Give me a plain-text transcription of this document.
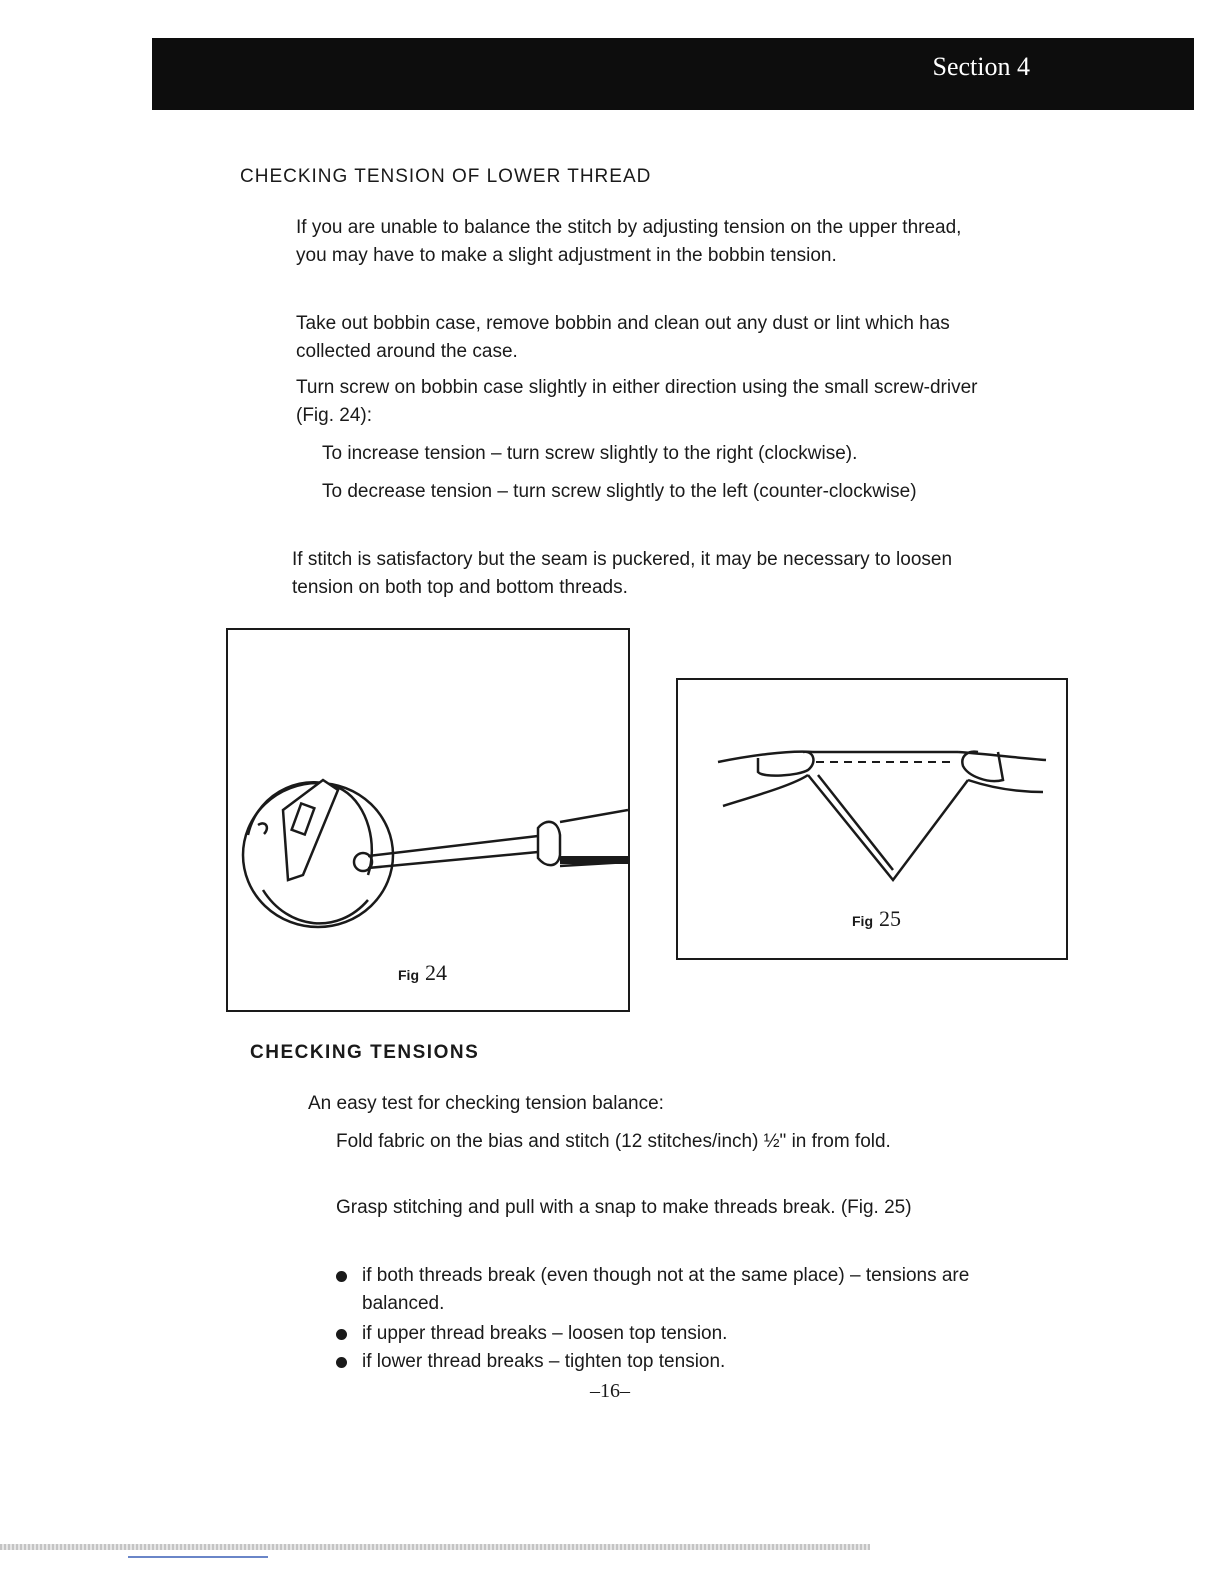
Section 4
CHECKING TENSION OF LOWER THREAD

If you are unable to balance the stitch by adjusting tension on the upper thread, you may have to make a slight adjustment in the bobbin tension.

Take out bobbin case, remove bobbin and clean out any dust or lint which has collected around the case.

Turn screw on bobbin case slightly in either direction using the small screw-driver (Fig. 24):

To increase tension – turn screw slightly to the right (clockwise).

To decrease tension – turn screw slightly to the left (counter-clockwise)

If stitch is satisfactory but the seam is puckered, it may be necessary to loosen tension on both top and bottom threads.

Fig 24
Fig 25
CHECKING TENSIONS

An easy test for checking tension balance:

Fold fabric on the bias and stitch (12 stitches/inch) ½" in from fold.

Grasp stitching and pull with a snap to make threads break. (Fig. 25)

if both threads break (even though not at the same place) – tensions are balanced.
if upper thread breaks – loosen top tension.
if lower thread breaks – tighten top tension.
–16–
